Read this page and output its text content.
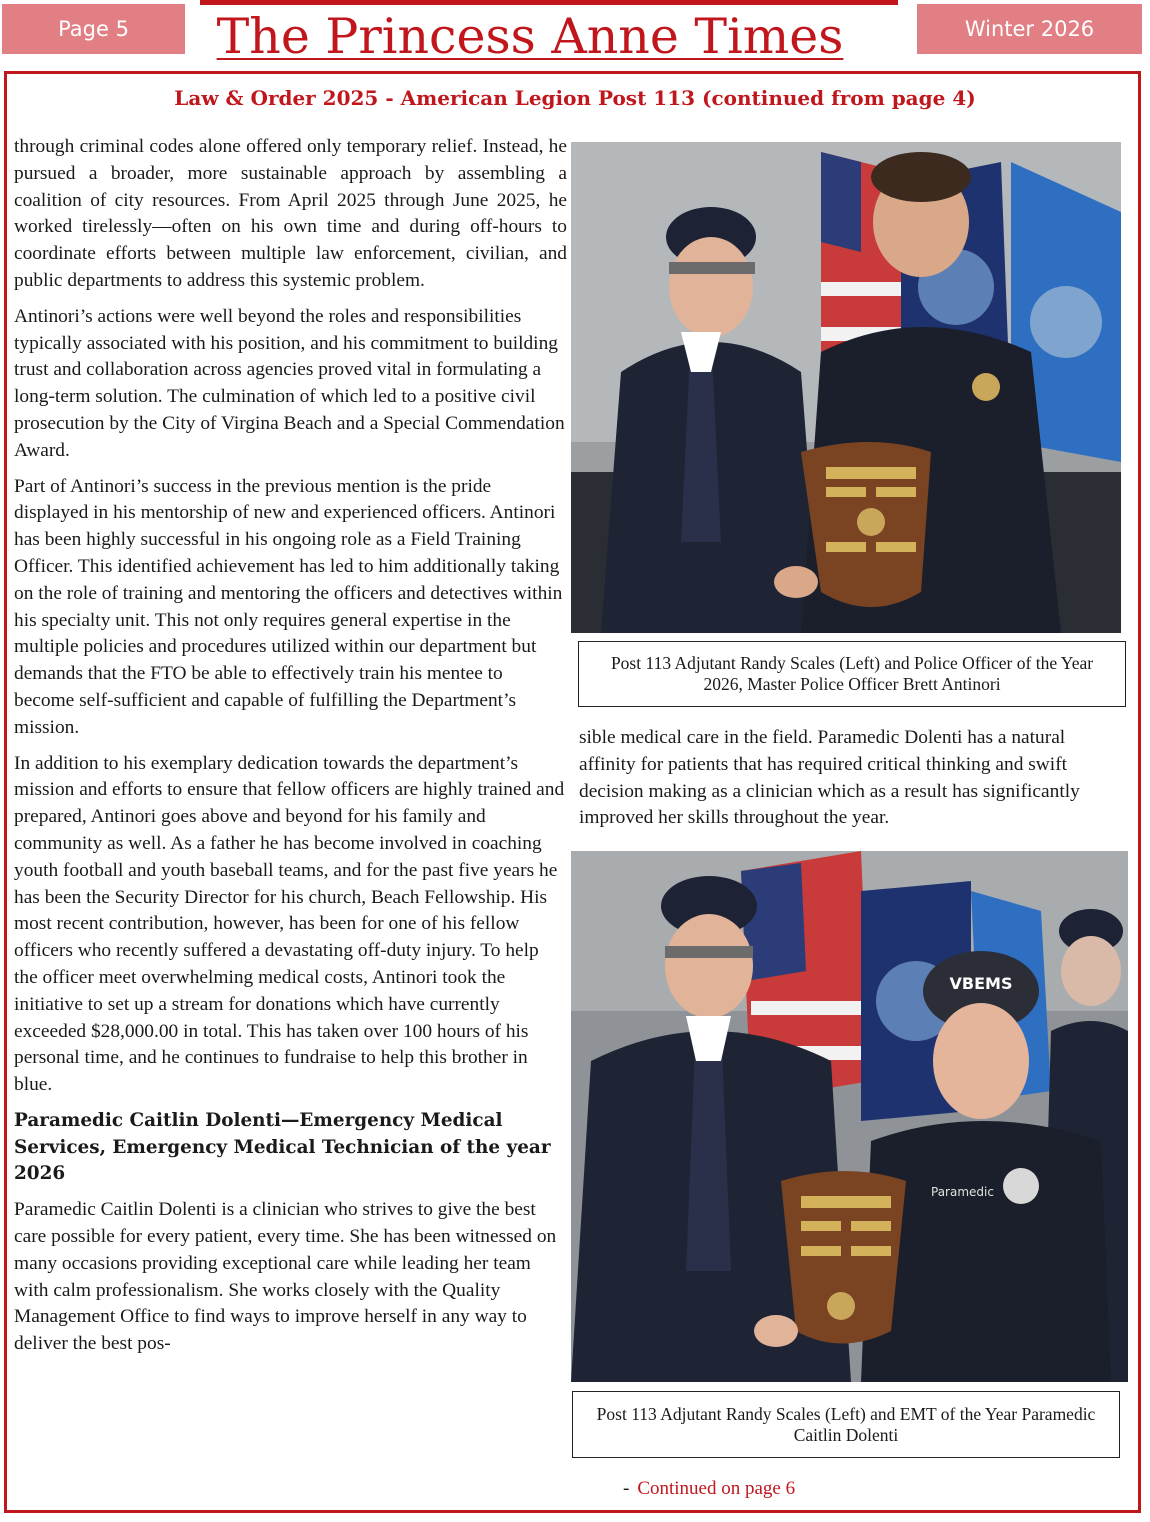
Page 5	The Princess Anne Times	Winter 2026
Law & Order 2025 - American Legion Post 113 (continued from page 4)

through criminal codes alone offered only temporary relief. Instead, he pursued a broader, more sustainable approach by assembling a coalition of city resources. From April 2025 through June 2025, he worked tirelessly—often on his own time and during off-hours to coordinate efforts between multiple law enforcement, civilian, and public departments to address this systemic problem.

Antinori’s actions were well beyond the roles and responsibilities typically associated with his position, and his commitment to building trust and collaboration across agencies proved vital in formulating a long-term solution. The culmination of which led to a positive civil prosecution by the City of Virgina Beach and a Special Commendation Award.

Part of Antinori’s success in the previous mention is the pride displayed in his mentorship of new and experienced officers. Antinori has been highly successful in his ongoing role as a Field Training Officer. This identified achievement has led to him additionally taking on the role of training and mentoring the officers and detectives within his specialty unit. This not only requires general expertise in the multiple policies and procedures utilized within our department but demands that the FTO be able to effectively train his mentee to become self-sufficient and capable of fulfilling the Department’s mission.

In addition to his exemplary dedication towards the department’s mission and efforts to ensure that fellow officers are highly trained and prepared, Antinori goes above and beyond for his family and community as well. As a father he has become involved in coaching youth football and youth baseball teams, and for the past five years he has been the Security Director for his church, Beach Fellowship. His most recent contribution, however, has been for one of his fellow officers who recently suffered a devastating off-duty injury. To help the officer meet overwhelming medical costs, Antinori took the initiative to set up a stream for donations which have currently exceeded $28,000.00 in total. This has taken over 100 hours of his personal time, and he continues to fundraise to help this brother in blue.

Paramedic Caitlin Dolenti—Emergency Medical Services, Emergency Medical Technician of the year 2026

Paramedic Caitlin Dolenti is a clinician who strives to give the best care possible for every patient, every time. She has been witnessed on many occasions providing exceptional care while leading her team with calm professionalism. She works closely with the Quality Management Office to find ways to improve herself in any way to deliver the best pos-

Post 113 Adjutant Randy Scales (Left) and Police Officer of the Year 2026, Master Police Officer Brett Antinori

sible medical care in the field. Paramedic Dolenti has a natural affinity for patients that has required critical thinking and swift decision making as a clinician which as a result has significantly improved her skills throughout the year.

VBEMS
Paramedic
Post 113 Adjutant Randy Scales (Left) and EMT of the Year Paramedic Caitlin Dolenti
- Continued on page 6
